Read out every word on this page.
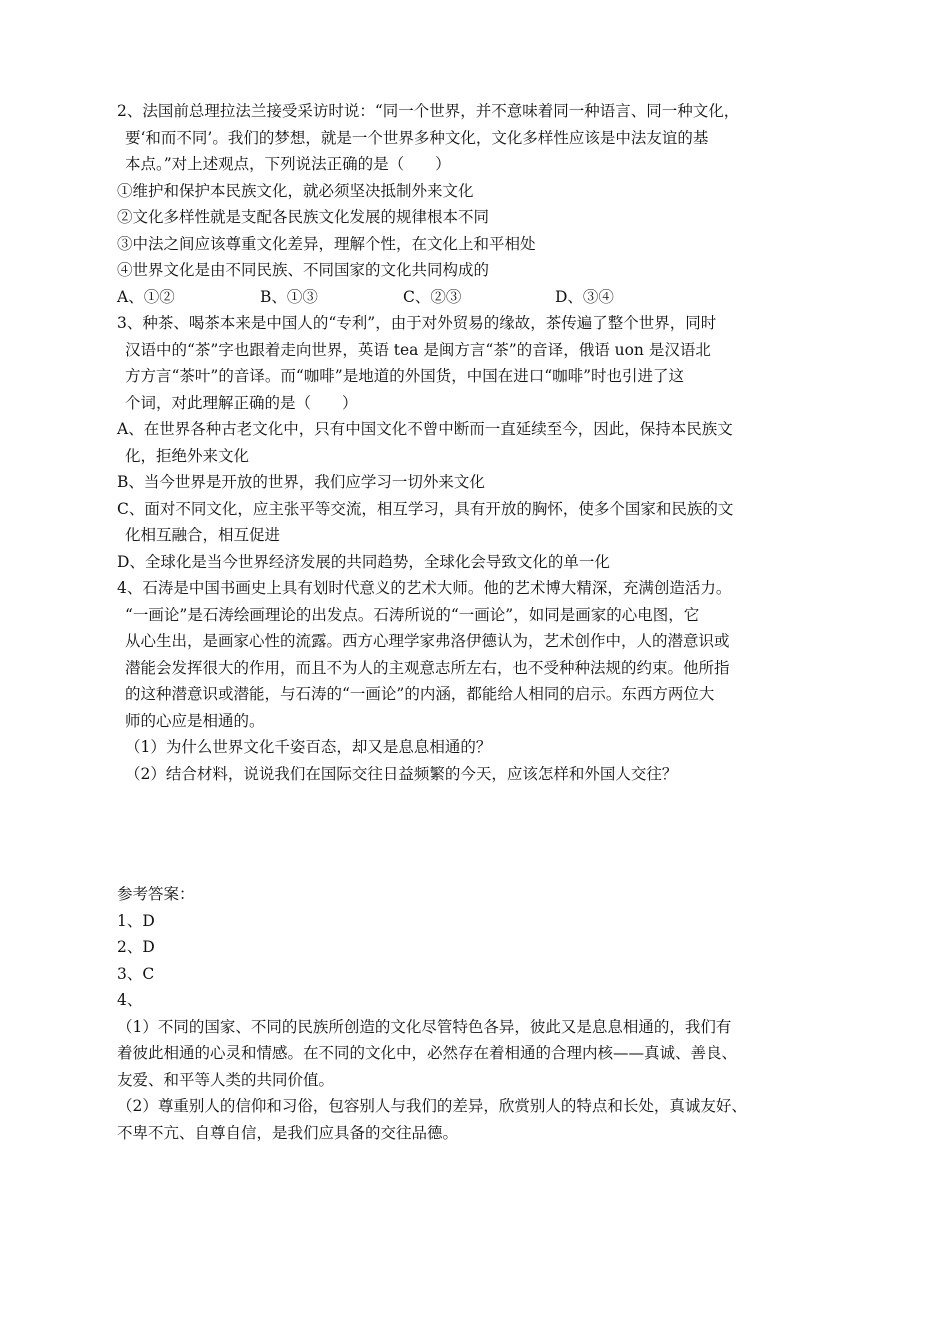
2、法国前总理拉法兰接受采访时说：“同一个世界，并不意味着同一种语言、同一种文化，
要‘和而不同’。我们的梦想，就是一个世界多种文化，文化多样性应该是中法友谊的基
本点。”对上述观点，下列说法正确的是（　　）
①维护和保护本民族文化，就必须坚决抵制外来文化
②文化多样性就是支配各民族文化发展的规律根本不同
③中法之间应该尊重文化差异，理解个性，在文化上和平相处
④世界文化是由不同民族、不同国家的文化共同构成的
A、①②	B、①③	C、②③	D、③④
3、种茶、喝茶本来是中国人的“专利”，由于对外贸易的缘故，茶传遍了整个世界，同时
汉语中的“茶”字也跟着走向世界，英语 tea 是闽方言“茶”的音译，俄语 uon 是汉语北
方方言“茶叶”的音译。而“咖啡”是地道的外国货，中国在进口“咖啡”时也引进了这
个词，对此理解正确的是（　　）
A、在世界各种古老文化中，只有中国文化不曾中断而一直延续至今，因此，保持本民族文
化，拒绝外来文化
B、当今世界是开放的世界，我们应学习一切外来文化
C、面对不同文化，应主张平等交流，相互学习，具有开放的胸怀，使多个国家和民族的文
化相互融合，相互促进
D、全球化是当今世界经济发展的共同趋势，全球化会导致文化的单一化
4、石涛是中国书画史上具有划时代意义的艺术大师。他的艺术博大精深，充满创造活力。
“一画论”是石涛绘画理论的出发点。石涛所说的“一画论”，如同是画家的心电图，它
从心生出，是画家心性的流露。西方心理学家弗洛伊德认为，艺术创作中，人的潜意识或
潜能会发挥很大的作用，而且不为人的主观意志所左右，也不受种种法规的约束。他所指
的这种潜意识或潜能，与石涛的“一画论”的内涵，都能给人相同的启示。东西方两位大
师的心应是相通的。
（1）为什么世界文化千姿百态，却又是息息相通的？
（2）结合材料，说说我们在国际交往日益频繁的今天，应该怎样和外国人交往？
参考答案：
1、D
2、D
3、C
4、
（1）不同的国家、不同的民族所创造的文化尽管特色各异，彼此又是息息相通的，我们有
着彼此相通的心灵和情感。在不同的文化中，必然存在着相通的合理内核——真诚、善良、
友爱、和平等人类的共同价值。
（2）尊重别人的信仰和习俗，包容别人与我们的差异，欣赏别人的特点和长处，真诚友好、
不卑不亢、自尊自信，是我们应具备的交往品德。
